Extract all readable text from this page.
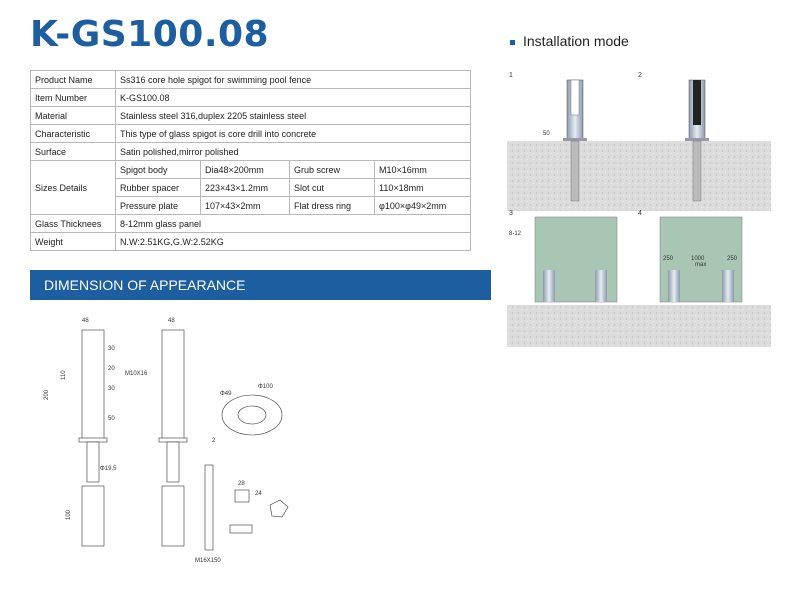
K-GS100.08	Installation mode
Product Name	Ss316 core hole spigot for swimming pool fence			
Item Number	K-GS100.08			
Material	Stainless steel 316,duplex 2205 stainless steel			
Characteristic	This type of glass spigot is core drill into concrete			
Surface	Satin polished,mirror polished			
Sizes Details	Spigot body	Dia48×200mm	Grub screw	M10×16mm
	Rubber spacer	223×43×1.2mm	Slot cut	110×18mm
	Pressure plate	107×43×2mm	Flat dress ring	φ100×φ49×2mm
Glass Thicknees	8-12mm glass panel			
Weight	N.W:2.51KG,G.W:2.52KG			
DIMENSION OF APPEARANCE
1	2
50
3	4
8-12
250	1000	250
max
48
200
110
30
20
30
50
Φ19.5
100
48
M10X16
Φ49
Φ100
2
M16X150
28
24
